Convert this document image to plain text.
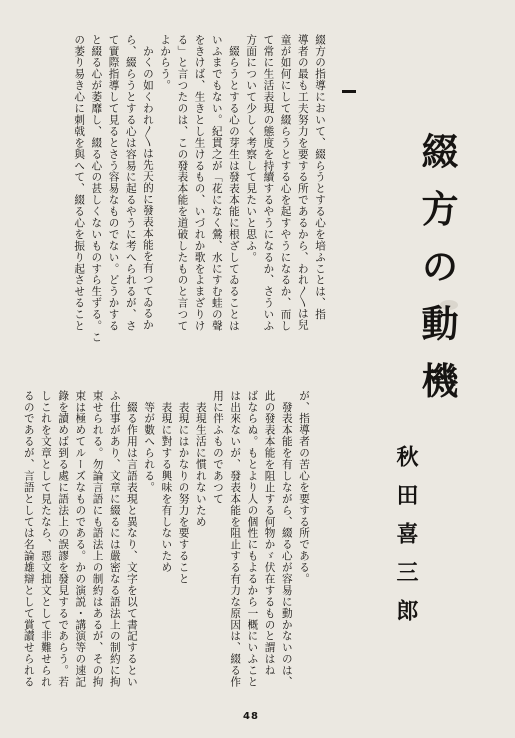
綴方の動機
秋田喜三郎
綴方の指導において、綴らうとする心を培ふことは、指
導者の最も工夫努力を要する所であるから、われ〳〵は兒
童が如何にして綴らうとする心を起すやうになるか、而し
て常に生活表現の態度を持續するやうになるか、さういふ
方面について少しく考察して見たいと思ふ。
　綴らうとする心の芽生は發表本能に根ざしてゐることは
いふまでもない。紀貫之が「花になく鶯、水にすむ蛙の聲
をきけば、生きとし生けるもの、いづれか歌をよまざりけ
る」と言つたのは、この發表本能を道破したものと言つて
よからう。
　かくの如くわれ〳〵は先天的に發表本能を有つてゐるか
ら、綴らうとする心は容易に起るやうに考へられるが、さ
て實際指導して見るとさう容易なものでない。どうかする
と綴る心が萎靡し、綴る心の甚しくないものすら生ずる。こ
の萎り易き心に刺戟を與へて、綴る心を振り起させること
が、指導者の苦心を要する所である。
　發表本能を有しながら、綴る心が容易に動かないのは、
此の發表本能を阻止する何物かゞ伏在するものと謂はね
ばならぬ。もとより人の個性にもよるから一概にいふこと
は出來ないが、發表本能を阻止する有力な原因は、綴る作
用に伴ふものであつて
　表現生活に慣れないため
　表現にはかなりの努力を要すること
　表現に對する興味を有しないため
　等が數へられる。
　綴る作用は言語表現と異なり、文字を以て書記するとい
ふ仕事があり、文章に綴るには嚴密なる語法上の制約に拘
束せられる。勿論言語にも語法上の制約はあるが、その拘
束は極めてルーズなものである。かの演説・講演等の速記
錄を讀めば到る處に語法上の誤謬を發見するであらう。若
しこれを文章として見たなら、惡文拙文として非難せられ
るのであるが、言語としては名論雄辯として賞讃せられる
48
